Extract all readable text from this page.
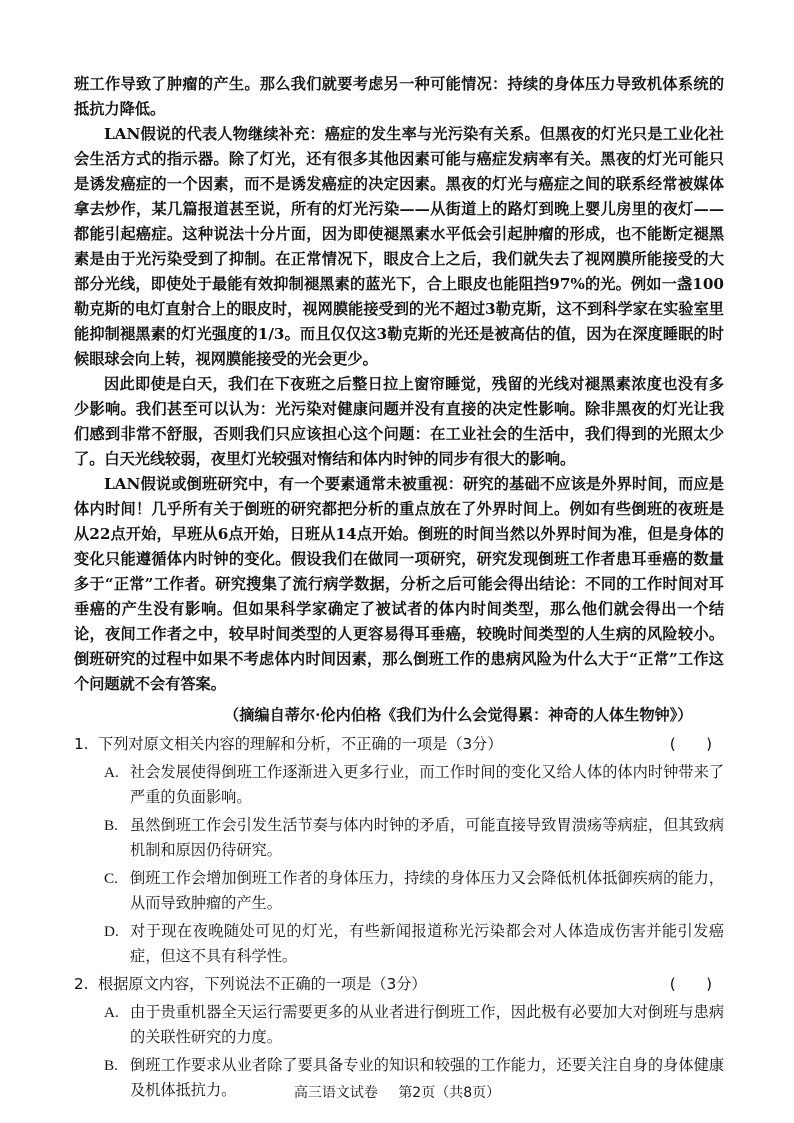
班工作导致了肿瘤的产生。那么我们就要考虑另一种可能情况：持续的身体压力导致机体系统的抵抗力降低。

LAN假说的代表人物继续补充：癌症的发生率与光污染有关系。但黑夜的灯光只是工业化社会生活方式的指示器。除了灯光，还有很多其他因素可能与癌症发病率有关。黑夜的灯光可能只是诱发癌症的一个因素，而不是诱发癌症的决定因素。黑夜的灯光与癌症之间的联系经常被媒体拿去炒作，某几篇报道甚至说，所有的灯光污染——从街道上的路灯到晚上婴儿房里的夜灯——都能引起癌症。这种说法十分片面，因为即使褪黑素水平低会引起肿瘤的形成，也不能断定褪黑素是由于光污染受到了抑制。在正常情况下，眼皮合上之后，我们就失去了视网膜所能接受的大部分光线，即使处于最能有效抑制褪黑素的蓝光下，合上眼皮也能阻挡97%的光。例如一盏100勒克斯的电灯直射合上的眼皮时，视网膜能接受到的光不超过3勒克斯，这不到科学家在实验室里能抑制褪黑素的灯光强度的1/3。而且仅仅这3勒克斯的光还是被高估的值，因为在深度睡眠的时候眼球会向上转，视网膜能接受的光会更少。

因此即使是白天，我们在下夜班之后整日拉上窗帘睡觉，残留的光线对褪黑素浓度也没有多少影响。我们甚至可以认为：光污染对健康问题并没有直接的决定性影响。除非黑夜的灯光让我们感到非常不舒服，否则我们只应该担心这个问题：在工业社会的生活中，我们得到的光照太少了。白天光线较弱，夜里灯光较强对惰结和体内时钟的同步有很大的影响。

LAN假说或倒班研究中，有一个要素通常未被重视：研究的基础不应该是外界时间，而应是体内时间！几乎所有关于倒班的研究都把分析的重点放在了外界时间上。例如有些倒班的夜班是从22点开始，早班从6点开始，日班从14点开始。倒班的时间当然以外界时间为准，但是身体的变化只能遵循体内时钟的变化。假设我们在做同一项研究，研究发现倒班工作者患耳垂癌的数量多于“正常”工作者。研究搜集了流行病学数据，分析之后可能会得出结论：不同的工作时间对耳垂癌的产生没有影响。但如果科学家确定了被试者的体内时间类型，那么他们就会得出一个结论，夜间工作者之中，较早时间类型的人更容易得耳垂癌，较晚时间类型的人生病的风险较小。倒班研究的过程中如果不考虑体内时间因素，那么倒班工作的患病风险为什么大于“正常”工作这个问题就不会有答案。

（摘编自蒂尔·伦内伯格《我们为什么会觉得累：神奇的人体生物钟》）
1. 下列对原文相关内容的理解和分析，不正确的一项是（3分）	(　　)
A. 社会发展使得倒班工作逐渐进入更多行业，而工作时间的变化又给人体的体内时钟带来了严重的负面影响。
B. 虽然倒班工作会引发生活节奏与体内时钟的矛盾，可能直接导致胃溃疡等病症，但其致病机制和原因仍待研究。
C. 倒班工作会增加倒班工作者的身体压力，持续的身体压力又会降低机体抵御疾病的能力，从而导致肿瘤的产生。
D. 对于现在夜晚随处可见的灯光，有些新闻报道称光污染都会对人体造成伤害并能引发癌症，但这不具有科学性。
2. 根据原文内容，下列说法不正确的一项是（3分）	(　　)
A. 由于贵重机器全天运行需要更多的从业者进行倒班工作，因此极有必要加大对倒班与患病的关联性研究的力度。
B. 倒班工作要求从业者除了要具备专业的知识和较强的工作能力，还要关注自身的身体健康及机体抵抗力。	高三语文试卷 第2页（共8页）
